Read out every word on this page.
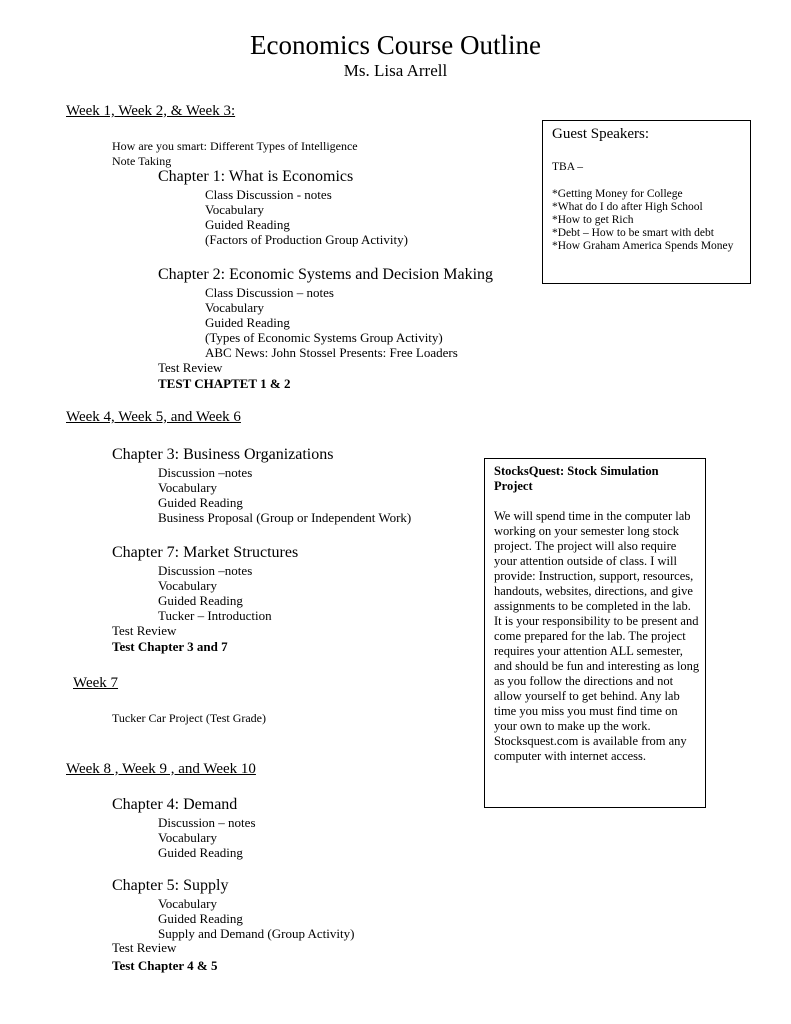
Economics Course Outline
Ms. Lisa Arrell
Week 1, Week 2, & Week 3:
How are you smart: Different Types of Intelligence
Note Taking
Chapter 1: What is Economics
Class Discussion - notes
Vocabulary
Guided Reading
(Factors of Production Group Activity)
Chapter 2: Economic Systems and Decision Making
Class Discussion – notes
Vocabulary
Guided Reading
(Types of Economic Systems Group Activity)
ABC News: John Stossel Presents: Free Loaders
Test Review
TEST CHAPTET 1 & 2
Guest Speakers:
TBA –
*Getting Money for College
*What do I do after High School
*How to get Rich
*Debt – How to be smart with debt
*How Graham America Spends Money
Week 4, Week 5, and Week 6
Chapter 3: Business Organizations
Discussion –notes
Vocabulary
Guided Reading
Business Proposal (Group or Independent Work)
Chapter 7: Market Structures
Discussion –notes
Vocabulary
Guided Reading
Tucker – Introduction
Test Review
Test Chapter 3 and 7
StocksQuest: Stock Simulation Project
We will spend time in the computer lab working on your semester long stock project. The project will also require your attention outside of class. I will provide: Instruction, support, resources, handouts, websites, directions, and give assignments to be completed in the lab. It is your responsibility to be present and come prepared for the lab. The project requires your attention ALL semester, and should be fun and interesting as long as you follow the directions and not allow yourself to get behind. Any lab time you miss you must find time on your own to make up the work. Stocksquest.com is available from any computer with internet access.
Week 7
Tucker Car Project (Test Grade)
Week 8 , Week 9 , and Week 10
Chapter 4: Demand
Discussion – notes
Vocabulary
Guided Reading
Chapter 5: Supply
Vocabulary
Guided Reading
Supply and Demand (Group Activity)
Test Review
Test Chapter 4 & 5
